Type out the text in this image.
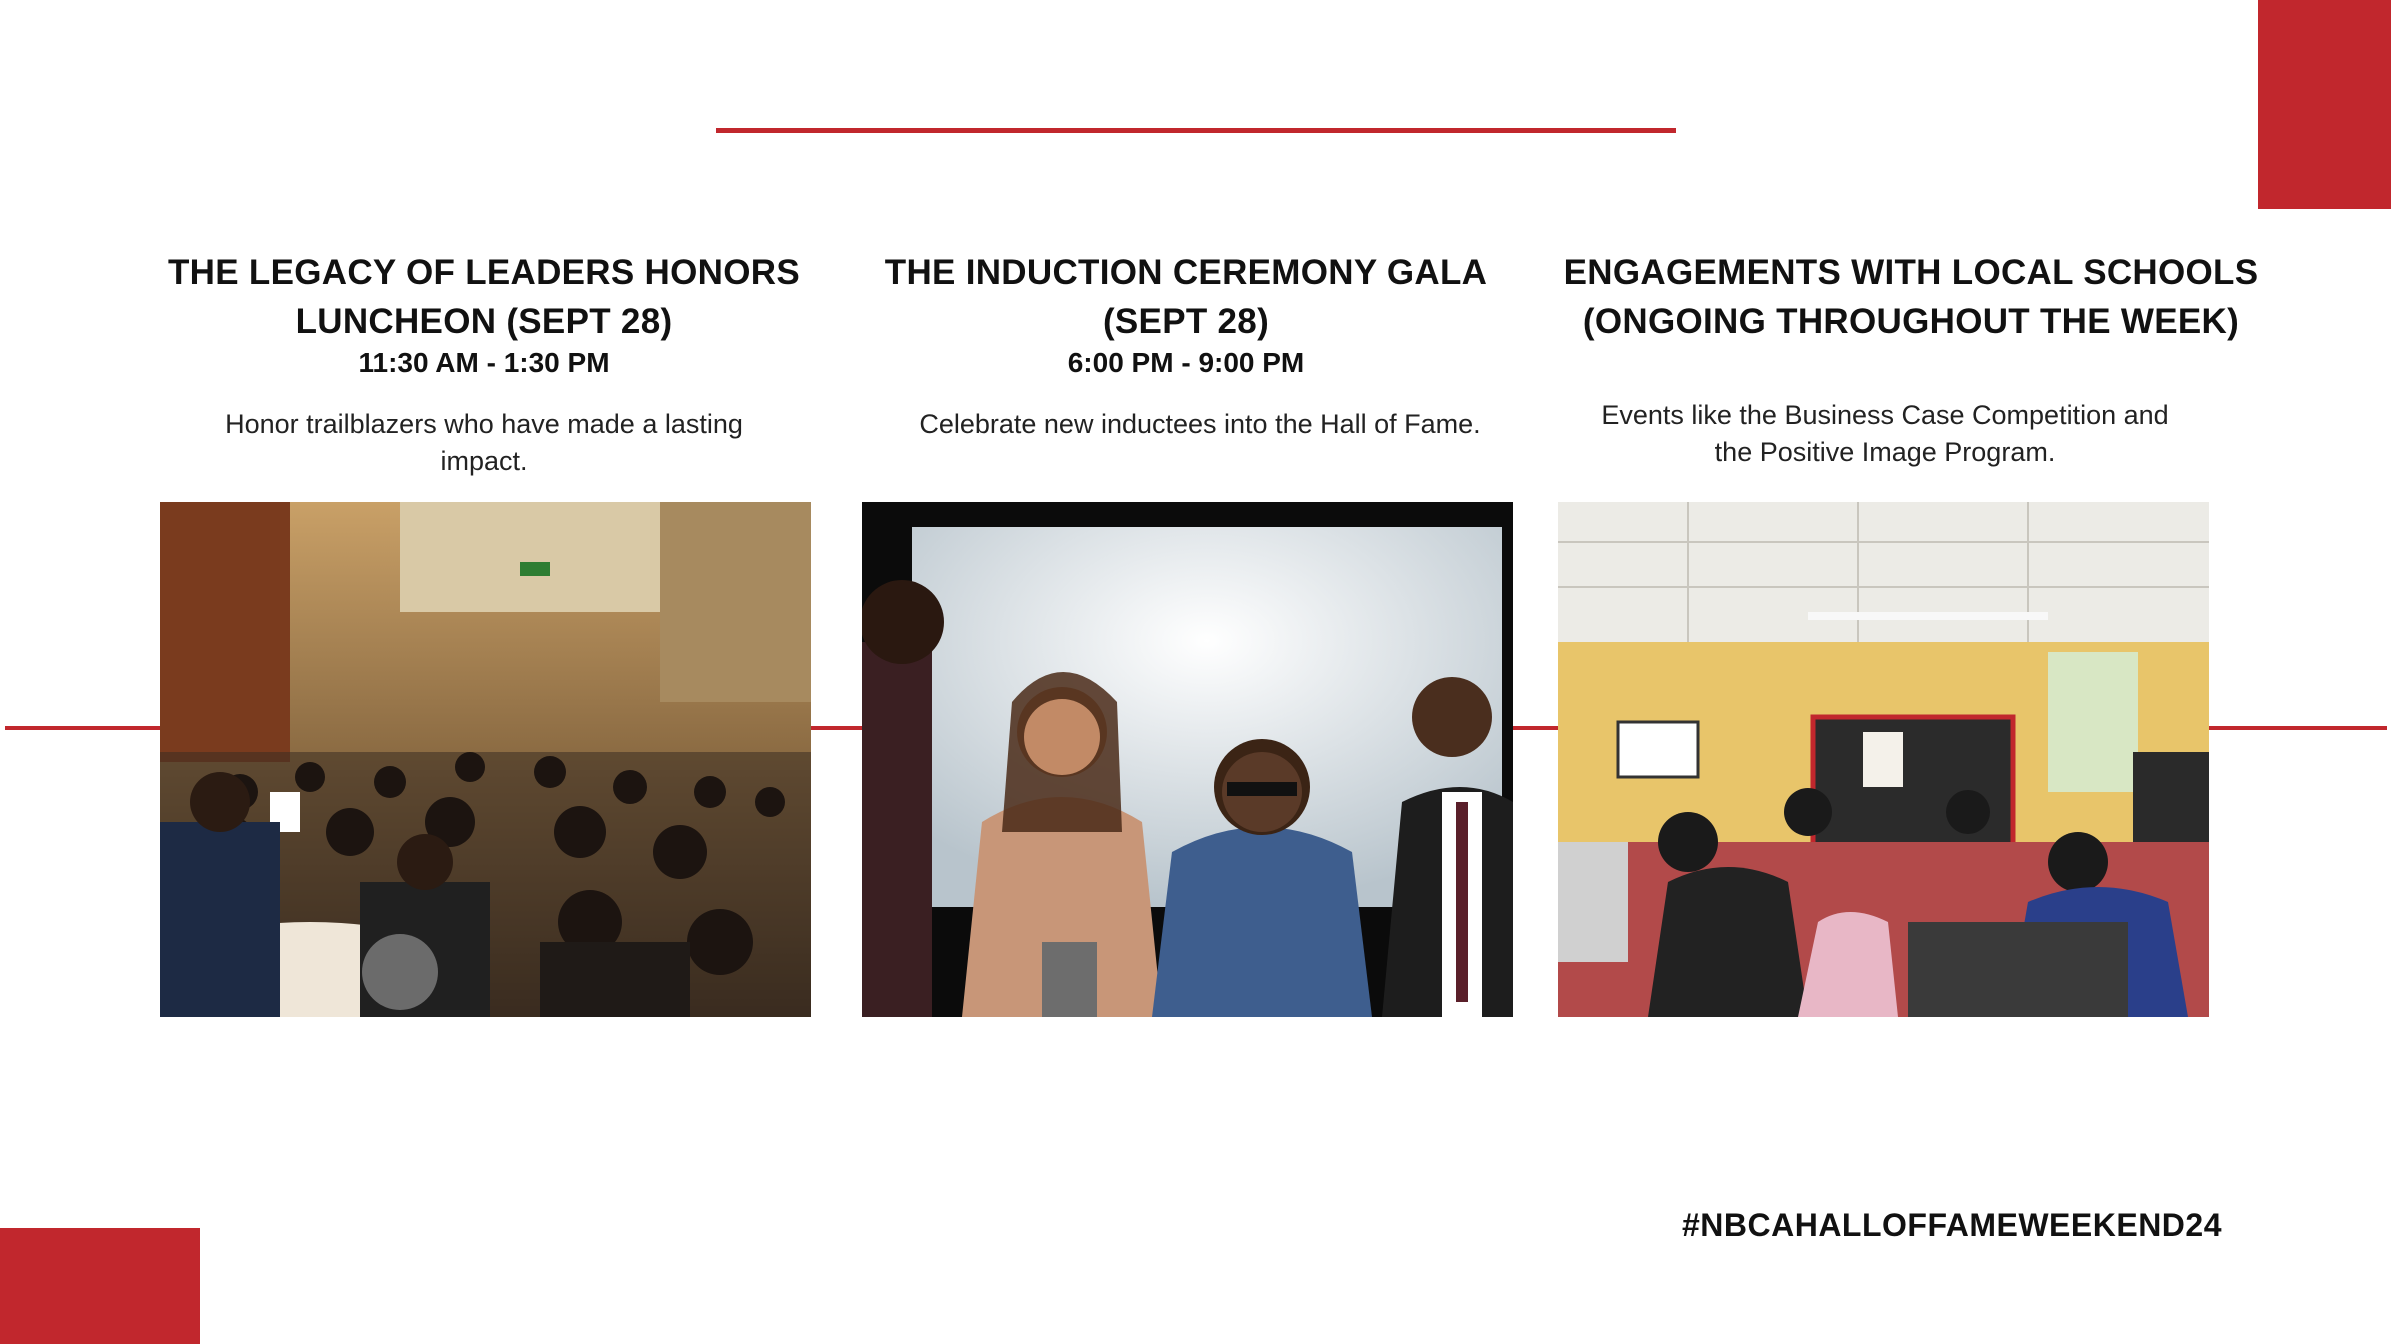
THE LEGACY OF LEADERS HONORS
LUNCHEON (SEPT 28)
11:30 AM - 1:30 PM
Honor trailblazers who have made a lasting
impact.
THE INDUCTION CEREMONY GALA
(SEPT 28)
6:00 PM - 9:00 PM
Celebrate new inductees into the Hall of Fame.
ENGAGEMENTS WITH LOCAL SCHOOLS
(ONGOING THROUGHOUT THE WEEK)
Events like the Business Case Competition and
the Positive Image Program.
#NBCAHALLOFFAMEWEEKEND24
